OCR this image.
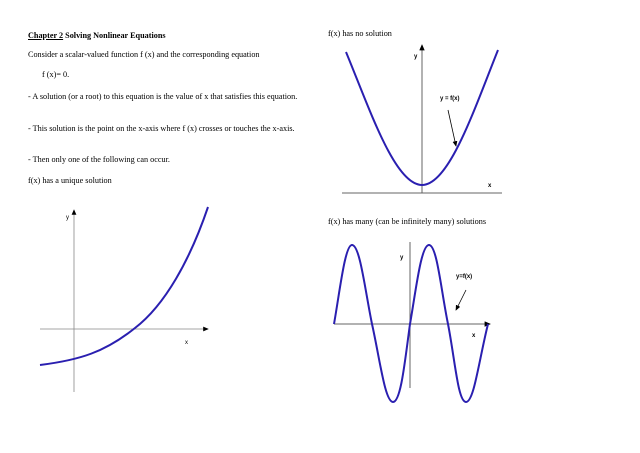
Chapter 2 Solving Nonlinear Equations
Consider a scalar-valued function f (x) and the corresponding equation
f (x)= 0.
- A solution (or a root) to this equation is the value of x that satisfies this equation.
- This solution is the point on the x-axis where f (x) crosses or touches the x-axis.
- Then only one of the following can occur.
f(x) has a unique solution
f(x) has no solution
f(x) has many (can be infinitely many) solutions
y
x
y
x
y = f(x)
y
x
y=f(x)
